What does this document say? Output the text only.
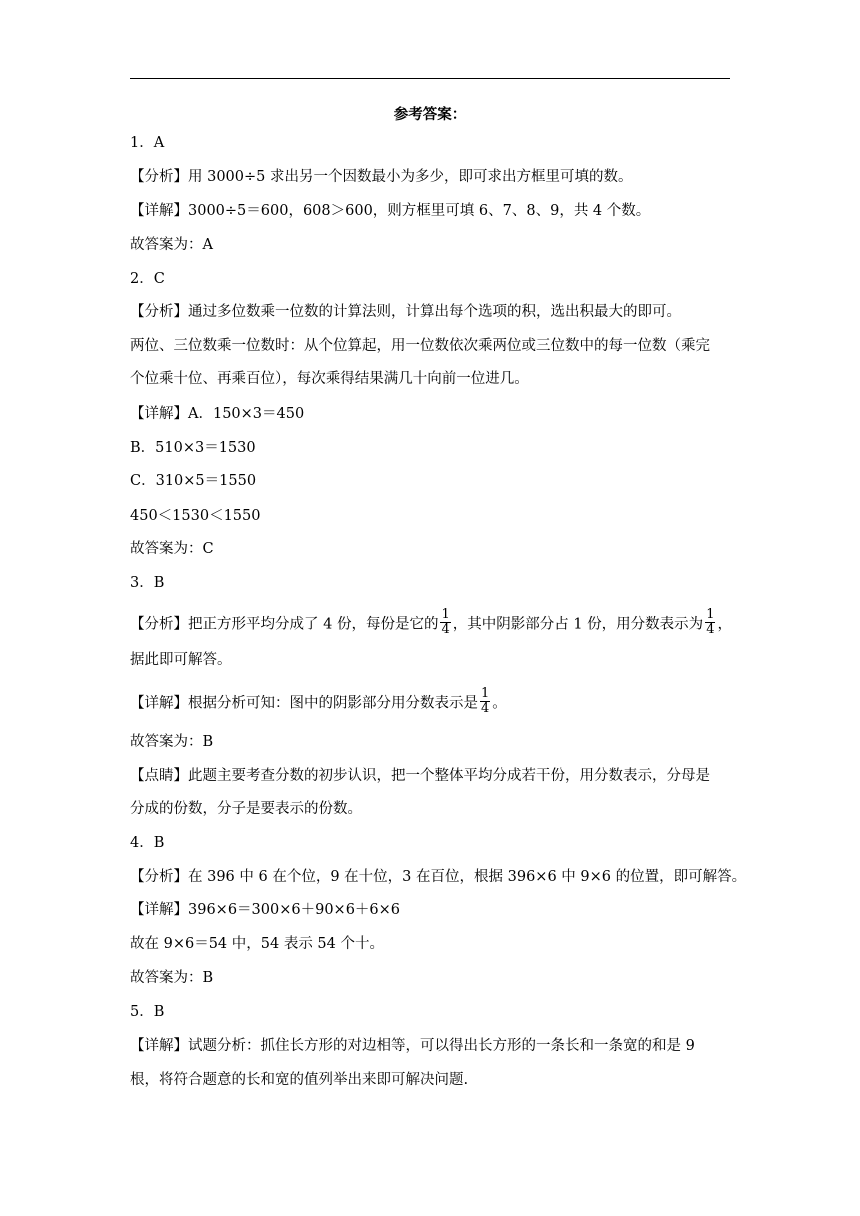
参考答案：
1．A
【分析】用 3000÷5 求出另一个因数最小为多少，即可求出方框里可填的数。
【详解】3000÷5＝600，608＞600，则方框里可填 6、7、8、9，共 4 个数。
故答案为：A
2．C
【分析】通过多位数乘一位数的计算法则，计算出每个选项的积，选出积最大的即可。
两位、三位数乘一位数时：从个位算起，用一位数依次乘两位或三位数中的每一位数（乘完
个位乘十位、再乘百位），每次乘得结果满几十向前一位进几。
【详解】A．150×3＝450
B．510×3＝1530
C．310×5＝1550
450＜1530＜1550
故答案为：C
3．B
【分析】把正方形平均分成了 4 份，每份是它的 $\frac{1}{4}$ ，其中阴影部分占 1 份，用分数表示为 $\frac{1}{4}$ ，
据此即可解答。
【详解】根据分析可知：图中的阴影部分用分数表示是 $\frac{1}{4}$ 。
故答案为：B
【点睛】此题主要考查分数的初步认识，把一个整体平均分成若干份，用分数表示，分母是
分成的份数，分子是要表示的份数。
4．B
【分析】在 396 中 6 在个位，9 在十位，3 在百位，根据 396×6 中 9×6 的位置，即可解答。
【详解】396×6＝300×6＋90×6＋6×6
故在 9×6＝54 中，54 表示 54 个十。
故答案为：B
5．B
【详解】试题分析：抓住长方形的对边相等，可以得出长方形的一条长和一条宽的和是 9
根，将符合题意的长和宽的值列举出来即可解决问题.
